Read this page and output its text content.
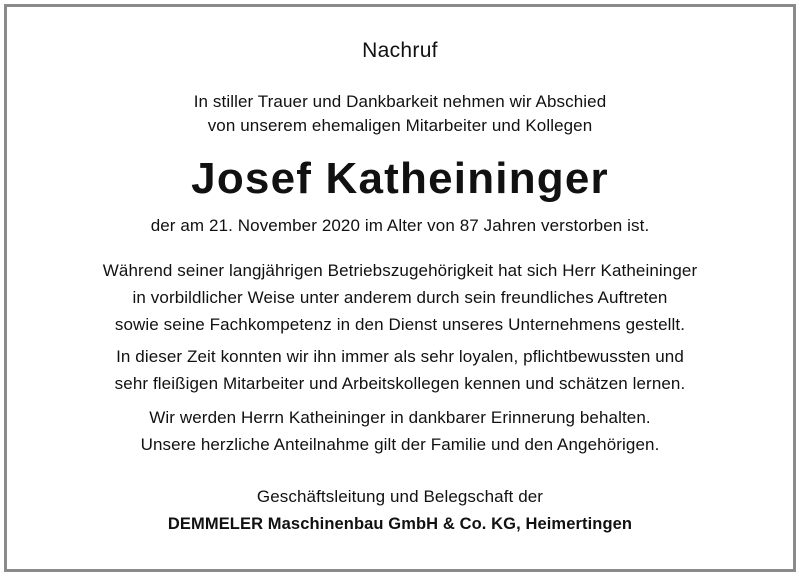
Nachruf
In stiller Trauer und Dankbarkeit nehmen wir Abschied
von unserem ehemaligen Mitarbeiter und Kollegen
Josef Katheininger
der am 21. November 2020 im Alter von 87 Jahren verstorben ist.
Während seiner langjährigen Betriebszugehörigkeit hat sich Herr Katheininger
in vorbildlicher Weise unter anderem durch sein freundliches Auftreten
sowie seine Fachkompetenz in den Dienst unseres Unternehmens gestellt.
In dieser Zeit konnten wir ihn immer als sehr loyalen, pflichtbewussten und
sehr fleißigen Mitarbeiter und Arbeitskollegen kennen und schätzen lernen.
Wir werden Herrn Katheininger in dankbarer Erinnerung behalten.
Unsere herzliche Anteilnahme gilt der Familie und den Angehörigen.
Geschäftsleitung und Belegschaft der
DEMMELER Maschinenbau GmbH & Co. KG, Heimertingen
